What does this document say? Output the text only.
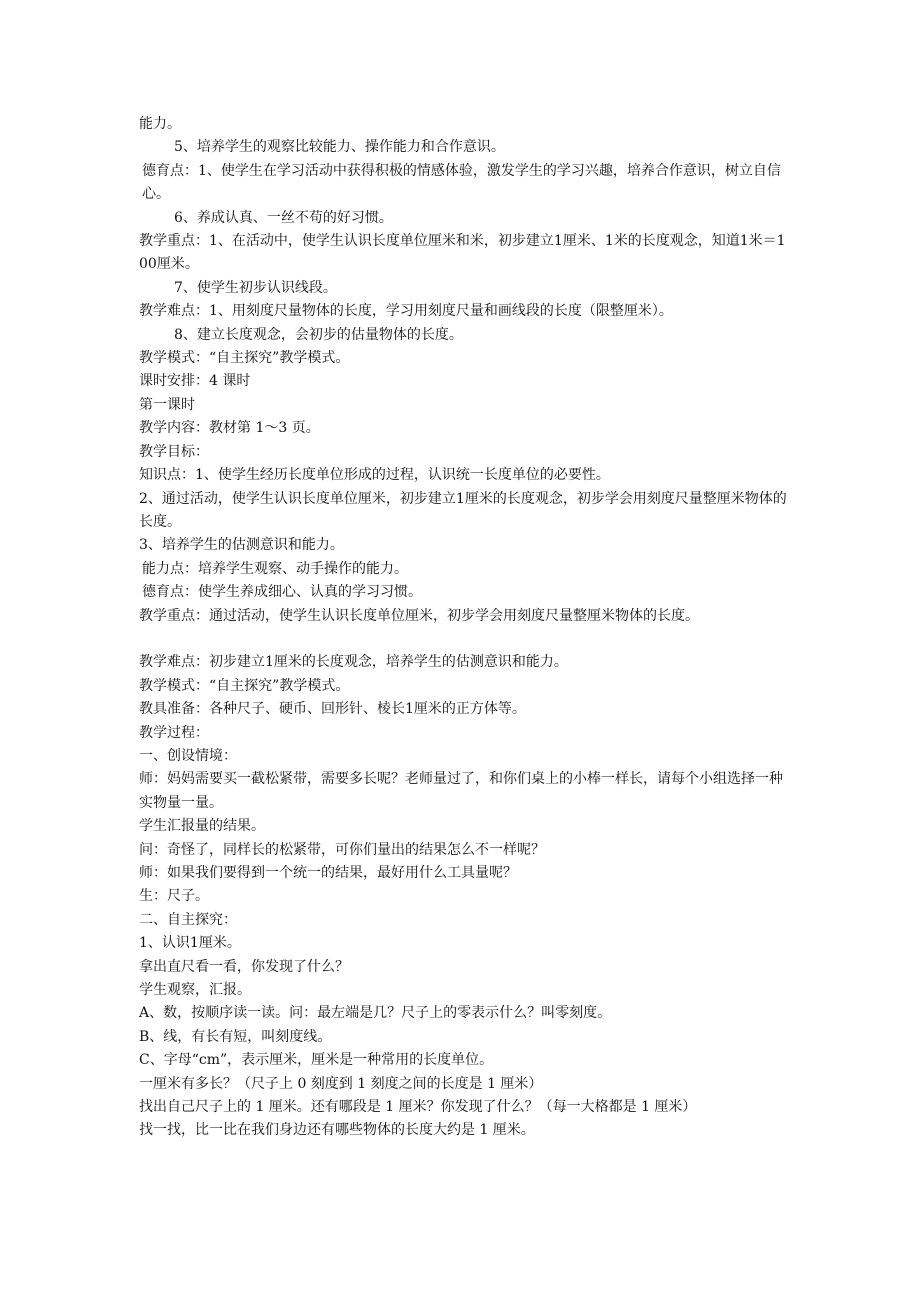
能力。

5、培养学生的观察比较能力、操作能力和合作意识。

德育点：1、使学生在学习活动中获得积极的情感体验，激发学生的学习兴趣，培养合作意识，树立自信心。

6、养成认真、一丝不苟的好习惯。

教学重点：1、在活动中，使学生认识长度单位厘米和米，初步建立1厘米、1米的长度观念，知道1米＝100厘米。

7、使学生初步认识线段。

教学难点：1、用刻度尺量物体的长度，学习用刻度尺量和画线段的长度（限整厘米）。

8、建立长度观念，会初步的估量物体的长度。

教学模式：“自主探究”教学模式。

课时安排：4 课时

第一课时

教学内容：教材第 1～3 页。

教学目标：

知识点：1、使学生经历长度单位形成的过程，认识统一长度单位的必要性。

2、通过活动，使学生认识长度单位厘米，初步建立1厘米的长度观念，初步学会用刻度尺量整厘米物体的长度。

3、培养学生的估测意识和能力。

能力点：培养学生观察、动手操作的能力。

德育点：使学生养成细心、认真的学习习惯。

教学重点：通过活动，使学生认识长度单位厘米，初步学会用刻度尺量整厘米物体的长度。

教学难点：初步建立1厘米的长度观念，培养学生的估测意识和能力。

教学模式：“自主探究”教学模式。

教具准备：各种尺子、硬币、回形针、棱长1厘米的正方体等。

教学过程：

一、创设情境：

师：妈妈需要买一截松紧带，需要多长呢？老师量过了，和你们桌上的小棒一样长，请每个小组选择一种实物量一量。

学生汇报量的结果。

问：奇怪了，同样长的松紧带，可你们量出的结果怎么不一样呢？

师：如果我们要得到一个统一的结果，最好用什么工具量呢？

生：尺子。

二、自主探究：

1、认识1厘米。

拿出直尺看一看，你发现了什么？

学生观察，汇报。

A、数，按顺序读一读。问：最左端是几？尺子上的零表示什么？叫零刻度。

B、线，有长有短，叫刻度线。

C、字母“cm”，表示厘米，厘米是一种常用的长度单位。

一厘米有多长？（尺子上 0 刻度到 1 刻度之间的长度是 1 厘米）

找出自己尺子上的 1 厘米。还有哪段是 1 厘米？你发现了什么？（每一大格都是 1 厘米）

找一找，比一比在我们身边还有哪些物体的长度大约是 1 厘米。
